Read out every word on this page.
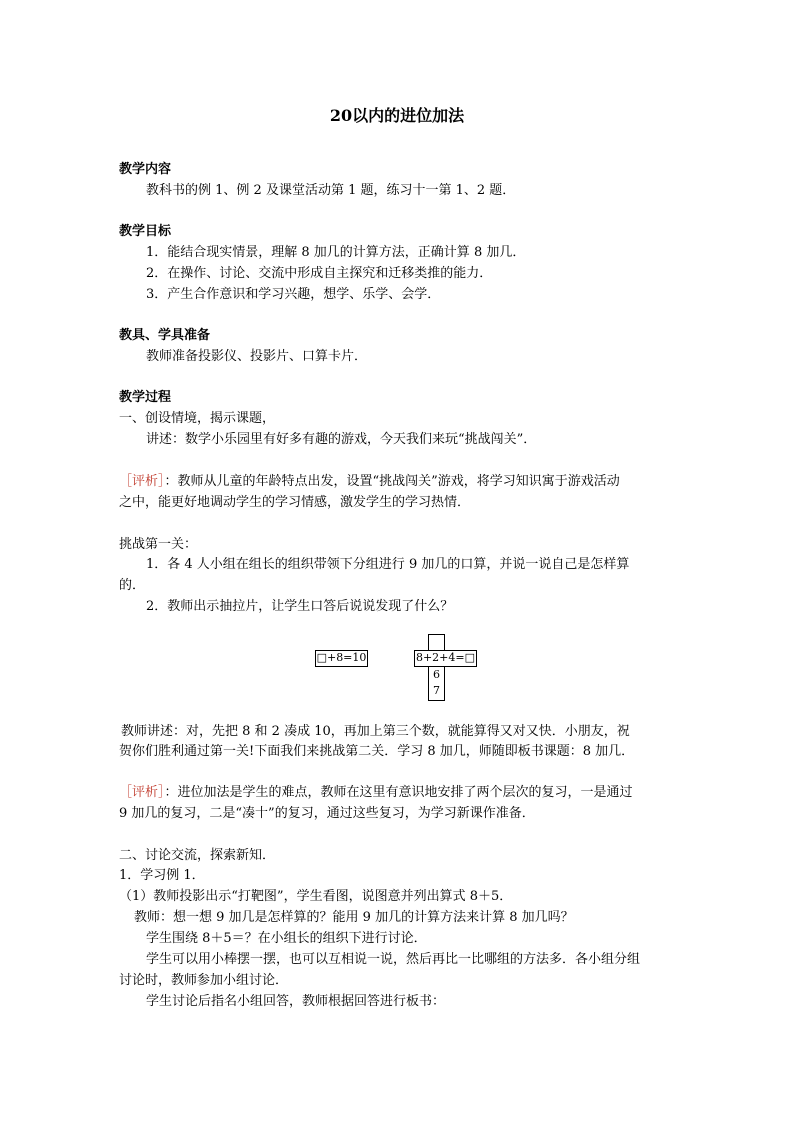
20以内的进位加法
教学内容
教科书的例 1、例 2 及课堂活动第 1 题，练习十一第 1、2 题．
教学目标
1．能结合现实情景，理解 8 加几的计算方法，正确计算 8 加几．
2．在操作、讨论、交流中形成自主探究和迁移类推的能力．
3．产生合作意识和学习兴趣，想学、乐学、会学．
教具、学具准备
教师准备投影仪、投影片、口算卡片．
教学过程
一、创设情境，揭示课题，
讲述：数学小乐园里有好多有趣的游戏，今天我们来玩“挑战闯关”．
［评析］：教师从儿童的年龄特点出发，设置“挑战闯关”游戏，将学习知识寓于游戏活动
之中，能更好地调动学生的学习情感，激发学生的学习热情．
挑战第一关：
1．各 4 人小组在组长的组织带领下分组进行 9 加几的口算，并说一说自己是怎样算
的．
2．教师出示抽拉片，让学生口答后说说发现了什么？
□+8=10	8+2+4=□
6
7
教师讲述：对，先把 8 和 2 凑成 10，再加上第三个数，就能算得又对又快．小朋友，祝
贺你们胜利通过第一关!下面我们来挑战第二关．学习 8 加几，师随即板书课题：8 加几．
［评析］：进位加法是学生的难点，教师在这里有意识地安排了两个层次的复习，一是通过
9 加几的复习，二是“凑十”的复习，通过这些复习，为学习新课作准备．
二、讨论交流，探索新知．
1．学习例 1．
（1）教师投影出示“打靶图”，学生看图，说图意并列出算式 8＋5．
教师：想一想 9 加几是怎样算的？能用 9 加几的计算方法来计算 8 加几吗？
学生围绕 8＋5＝？在小组长的组织下进行讨论．
学生可以用小棒摆一摆，也可以互相说一说，然后再比一比哪组的方法多．各小组分组
讨论时，教师参加小组讨论．
学生讨论后指名小组回答，教师根据回答进行板书：
